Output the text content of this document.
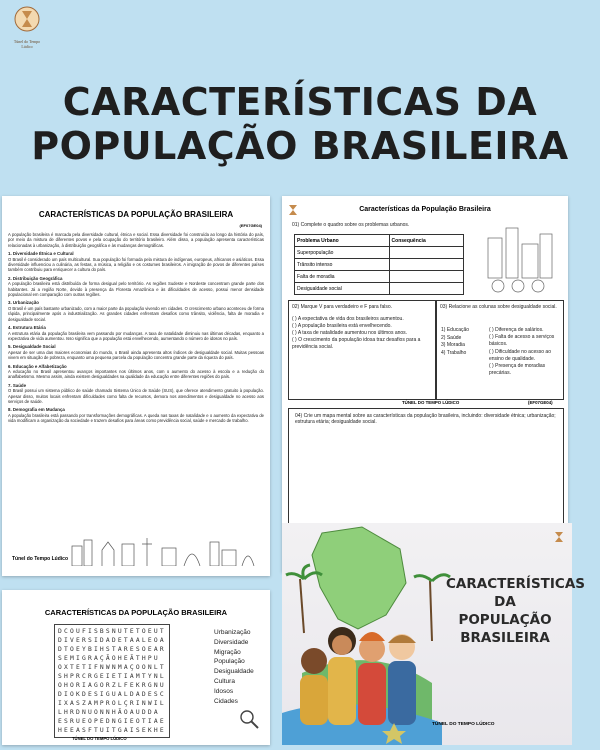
Túnel do Tempo Lúdico
CARACTERÍSTICAS DA
POPULAÇÃO BRASILEIRA
CARACTERÍSTICAS DA POPULAÇÃO BRASILEIRA
(EF07GE04)

A população brasileira é marcada pela diversidade cultural, étnica e social. Essa diversidade foi construída ao longo da história do país, por meio da mistura de diferentes povos e pela ocupação do território brasileiro. Além disso, a população apresenta características relacionadas à urbanização, à distribuição geográfica e às mudanças demográficas.

1. Diversidade Étnica e Cultural

O Brasil é considerado um país multicultural. Sua população foi formada pela mistura de indígenas, europeus, africanos e asiáticos. Essa diversidade influenciou a culinária, as festas, a música, a religião e os costumes brasileiros. A imigração de povos de diferentes países também contribuiu para enriquecer a cultura do país.

2. Distribuição Geográfica

A população brasileira está distribuída de forma desigual pelo território. As regiões Sudeste e Nordeste concentram grande parte dos habitantes. Já a região Norte, devido à presença da Floresta Amazônica e às dificuldades de acesso, possui menor densidade populacional em comparação com outras regiões.

3. Urbanização

O Brasil é um país bastante urbanizado, com a maior parte da população vivendo em cidades. O crescimento urbano aconteceu de forma rápida, principalmente após a industrialização. As grandes cidades enfrentam desafios como trânsito, violência, falta de moradia e desigualdade social.

4. Estrutura Etária

A estrutura etária da população brasileira vem passando por mudanças. A taxa de natalidade diminuiu nas últimas décadas, enquanto a expectativa de vida aumentou. Isso significa que a população está envelhecendo, aumentando o número de idosos no país.

5. Desigualdade Social

Apesar de ser uma das maiores economias do mundo, o Brasil ainda apresenta altos índices de desigualdade social. Muitas pessoas vivem em situação de pobreza, enquanto uma pequena parcela da população concentra grande parte da riqueza do país.

6. Educação e Alfabetização

A educação no Brasil apresentou avanços importantes nos últimos anos, com o aumento do acesso à escola e a redução do analfabetismo. Mesmo assim, ainda existem desigualdades na qualidade da educação entre diferentes regiões do país.

7. Saúde

O Brasil possui um sistema público de saúde chamado Sistema Único de Saúde (SUS), que oferece atendimento gratuito à população. Apesar disso, muitos locais enfrentam dificuldades como falta de recursos, demora nos atendimentos e desigualdade no acesso aos serviços de saúde.

8. Demografia em Mudança

A população brasileira está passando por transformações demográficas. A queda nas taxas de natalidade e o aumento da expectativa de vida modificam a organização da sociedade e trazem desafios para áreas como previdência social, saúde e mercado de trabalho.

Túnel do Tempo Lúdico
Características da População Brasileira
01) Complete o quadro sobre os problemas urbanos.
Problema Urbano	Consequência
Superpopulação	
Trânsito intenso	
Falta de moradia	
Desigualdade social	
02) Marque V para verdadeiro e F para falso.
( ) A expectativa de vida dos brasileiros aumentou.
( ) A população brasileira está envelhecendo.
( ) A taxa de natalidade aumentou nos últimos anos.
( ) O crescimento da população idosa traz desafios para a previdência social.
03) Relacione as colunas sobre desigualdade social.
1) Educação
2) Saúde
3) Moradia
4) Trabalho
( ) Diferença de salários.
( ) Falta de acesso a serviços básicos.
( ) Dificuldade no acesso ao ensino de qualidade.
( ) Presença de moradias precárias.
TÚNEL DO TEMPO LÚDICO	(EF07GE04)
04) Crie um mapa mental sobre as características da população brasileira, incluindo: diversidade étnica; urbanização; estrutura etária; desigualdade social.
CARACTERÍSTICAS DA POPULAÇÃO BRASILEIRA
DCOUFISBSNUTETOEUT
DIVERSIDADETAALEOA
DTOEYBIHSTARESOEAR
SEMIGRAÇÃOHEÃTHPU
OXTETIFNWNMAÇOONLT
SHPRCRGEIETIAMTYNL
OHORIAGORZLFEKRGNU
DIOKDESIGUALDADESC
IXASZAMPROLÇRINWIL
LHRDNUONNHÃOAUDDA
ESRUEOPEDNGIEOTIAE
HEEASFTUITGAISEKHE
Urbanização
Diversidade
Migração
População
Desigualdade
Cultura
Idosos
Cidades
TÚNEL DO TEMPO LÚDICO
CARACTERÍSTICAS
DA
POPULAÇÃO
BRASILEIRA
TÚNEL DO TEMPO LÚDICO
